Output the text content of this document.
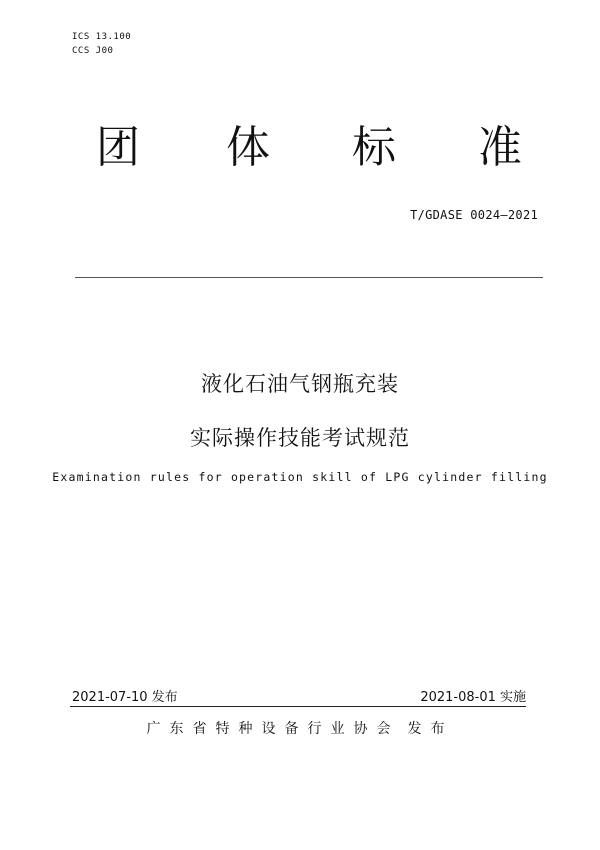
ICS 13.100
CCS J00
团 体 标 准
T/GDASE 0024—2021
液化石油气钢瓶充装
实际操作技能考试规范
Examination rules for operation skill of LPG cylinder filling
2021-07-10 发布	2021-08-01 实施
广东省特种设备行业协会 发布
